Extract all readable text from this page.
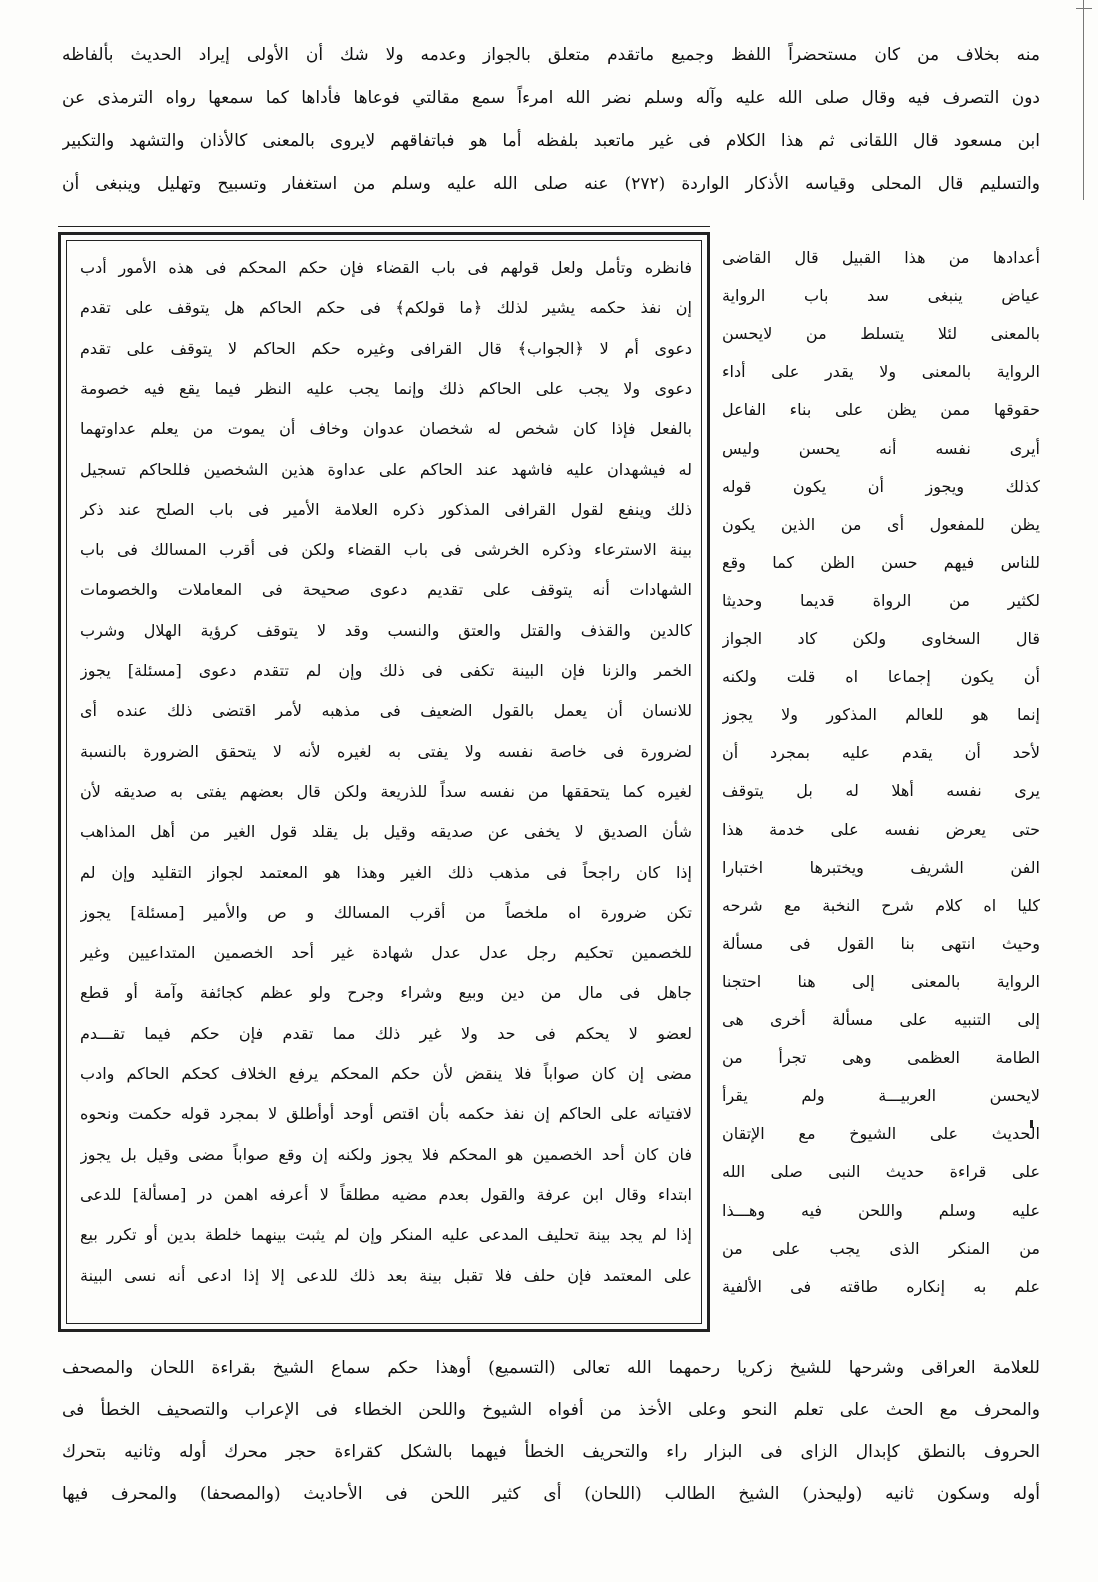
منه بخلاف من كان مستحضراً اللفظ وجميع ماتقدم متعلق بالجواز وعدمه ولا شك أن الأولى إيراد الحديث بألفاظه
دون التصرف فيه وقال صلى الله عليه وآله وسلم نضر الله امرءاً سمع مقالتي فوعاها فأداها كما سمعها رواه الترمذى عن
ابن مسعود قال اللقانى ثم هذا الكلام فى غير ماتعبد بلفظه أما هو فباتفاقهم لايروى بالمعنى كالأذان والتشهد والتكبير
والتسليم قال المحلى وقياسه الأذكار الواردة (٢٧٢) عنه صلى الله عليه وسلم من استغفار وتسبيح وتهليل وينبغى أن
أعدادها من هذا القبيل قال القاضى
عياض ينبغى سد باب الرواية
بالمعنى لئلا يتسلط من لايحسن
الرواية بالمعنى ولا يقدر على أداء
حقوقها ممن يظن على بناء الفاعل
أيرى نفسه أنه يحسن وليس
كذلك ويجوز أن يكون قوله
يظن للمفعول أى من الذين يكون
للناس فيهم حسن الظن كما وقع
لكثير من الرواة قديما وحديثا
قال السخاوى ولكن كاد الجواز
أن يكون إجماعا اه قلت ولكنه
إنما هو للعالم المذكور ولا يجوز
لأحد أن يقدم عليه بمجرد أن
يرى نفسه أهلا له بل يتوقف
حتى يعرض نفسه على خدمة هذا
الفن الشريف ويختبرها اختبارا
كليا اه كلام شرح النخبة مع شرحه
وحيث انتهى بنا القول فى مسألة
الرواية بالمعنى إلى هنا احتجنا
إلى التنبيه على مسألة أخرى هى
الطامة العظمى وهى تجرأ من
لايحسن العربيـــة ولم يقرأ
الحديث على الشيوخ مع الإتقان
على قراءة حديث النبى صلى الله
عليه وسلم واللحن فيه وهـــذا
من المنكر الذى يجب على من
علم به إنكاره طاقته فى الألفية
فانظره وتأمل ولعل قولهم فى باب القضاء فإن حكم المحكم فى هذه الأمور أدب
إن نفذ حكمه يشير لذلك ﴿ما قولكم﴾ فى حكم الحاكم هل يتوقف على تقدم
دعوى أم لا ﴿الجواب﴾ قال القرافى وغيره حكم الحاكم لا يتوقف على تقدم
دعوى ولا يجب على الحاكم ذلك وإنما يجب عليه النظر فيما يقع فيه خصومة
بالفعل فإذا كان شخص له شخصان عدوان وخاف أن يموت من يعلم عداوتهما
له فيشهدان عليه فاشهد عند الحاكم على عداوة هذين الشخصين فللحاكم تسجيل
ذلك وينفع لقول القرافى المذكور ذكره العلامة الأمير فى باب الصلح عند ذكر
بينة الاسترعاء وذكره الخرشى فى باب القضاء ولكن فى أقرب المسالك فى باب
الشهادات أنه يتوقف على تقديم دعوى صحيحة فى المعاملات والخصومات
كالدين والقذف والقتل والعتق والنسب وقد لا يتوقف كرؤية الهلال وشرب
الخمر والزنا فإن البينة تكفى فى ذلك وإن لم تتقدم دعوى [مسئلة] يجوز
للانسان أن يعمل بالقول الضعيف فى مذهبه لأمر اقتضى ذلك عنده أى
لضرورة فى خاصة نفسه ولا يفتى به لغيره لأنه لا يتحقق الضرورة بالنسبة
لغيره كما يتحققها من نفسه سداً للذريعة ولكن قال بعضهم يفتى به صديقه لأن
شأن الصديق لا يخفى عن صديقه وقيل بل يقلد قول الغير من أهل المذاهب
إذا كان راجحاً فى مذهب ذلك الغير وهذا هو المعتمد لجواز التقليد وإن لم
تكن ضرورة اه ملخصاً من أقرب المسالك و ص والأمير [مسئلة] يجوز
للخصمين تحكيم رجل عدل عدل شهادة غير أحد الخصمين المتداعيين وغير
جاهل فى مال من دين وبيع وشراء وجرح ولو عظم كجائفة وآمة أو قطع
لعضو لا يحكم فى حد ولا غير ذلك مما تقدم فإن حكم فيما تقـــدم
مضى إن كان صواباً فلا ينقض لأن حكم المحكم يرفع الخلاف كحكم الحاكم وادب
لافتياته على الحاكم إن نفذ حكمه بأن اقتص أوحد أوأطلق لا بمجرد قوله حكمت ونحوه
فان كان أحد الخصمين هو المحكم فلا يجوز ولكنه إن وقع صواباً مضى وقيل بل يجوز
ابتداء وقال ابن عرفة والقول بعدم مضيه مطلقاً لا أعرفه اهمن در [مسألة] للدعى
إذا لم يجد بينة تحليف المدعى عليه المنكر وإن لم يثبت بينهما خلطة بدين أو تكرر بيع
على المعتمد فإن حلف فلا تقبل بينة بعد ذلك للدعى إلا إذا ادعى أنه نسى البينة
للعلامة العراقى وشرحها للشيخ زكريا رحمهما الله تعالى (التسميع) أوهذا حكم سماع الشيخ بقراءة اللحان والمصحف
والمحرف مع الحث على تعلم النحو وعلى الأخذ من أفواه الشيوخ واللحن الخطاء فى الإعراب والتصحيف الخطأ فى
الحروف بالنطق كإبدال الزاى فى البزار راء والتحريف الخطأ فيهما بالشكل كقراءة حجر محرك أوله وثانيه بتحرك
أوله وسكون ثانيه (وليحذر) الشيخ الطالب (اللحان) أى كثير اللحن فى الأحاديث (والمصحفا) والمحرف فيها
